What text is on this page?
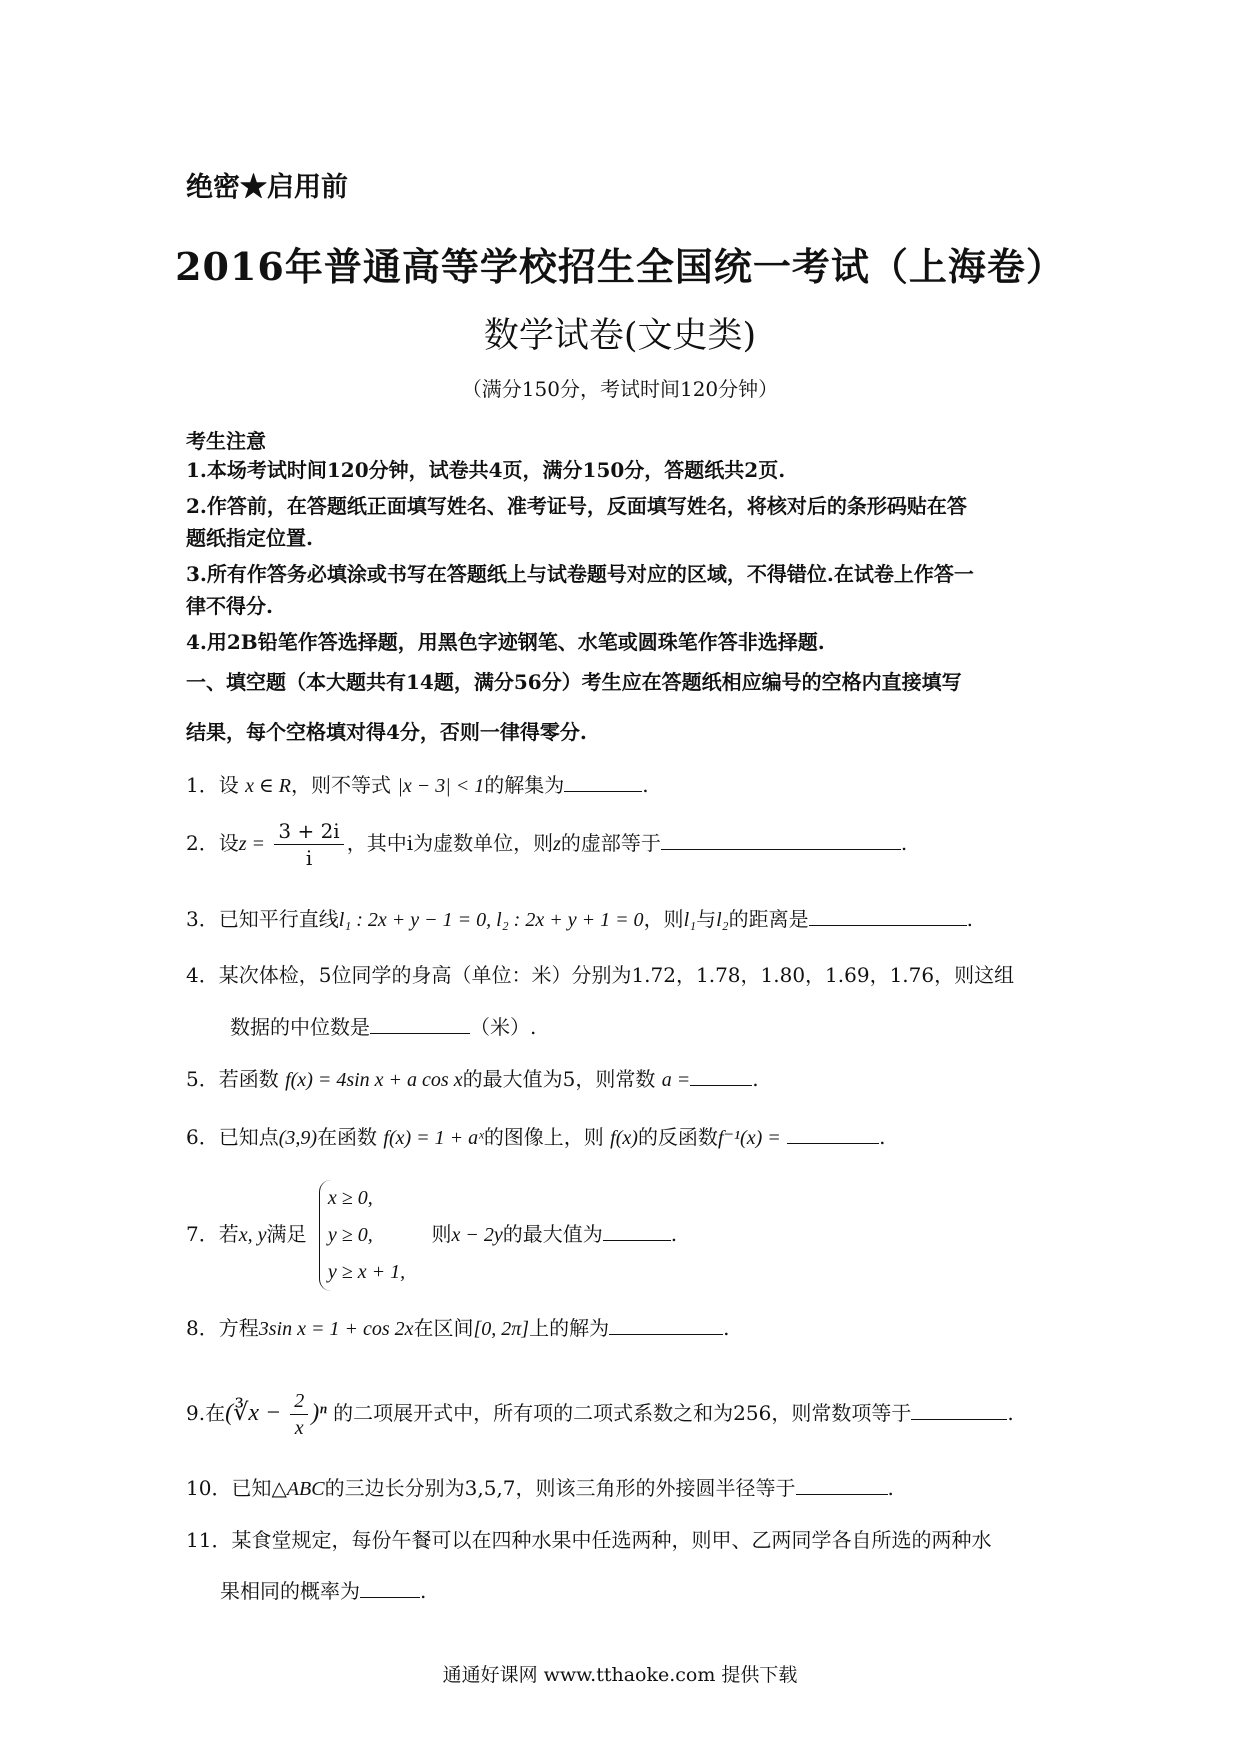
绝密★启用前
2016年普通高等学校招生全国统一考试（上海卷）
数学试卷(文史类)
（满分150分，考试时间120分钟）
考生注意
1.本场考试时间120分钟，试卷共4页，满分150分，答题纸共2页.
2.作答前，在答题纸正面填写姓名、准考证号，反面填写姓名，将核对后的条形码贴在答
题纸指定位置.
3.所有作答务必填涂或书写在答题纸上与试卷题号对应的区域，不得错位.在试卷上作答一
律不得分.
4.用2B铅笔作答选择题，用黑色字迹钢笔、水笔或圆珠笔作答非选择题.
一、填空题（本大题共有14题，满分56分）考生应在答题纸相应编号的空格内直接填写
结果，每个空格填对得4分，否则一律得零分.
1．设 x ∈ R，则不等式 |x − 3| < 1的解集为	.
2．设$z = \frac{3 + 2i}{i}$ ，其中i为虚数单位，则z的虚部等于	.
3．已知平行直线l₁ : 2x + y − 1 = 0, l₂ : 2x + y + 1 = 0，则l₁与l₂的距离是	.
4．某次体检，5位同学的身高（单位：米）分别为1.72，1.78，1.80，1.69，1.76，则这组
数据的中位数是	（米）.
5．若函数 f(x) = 4sin x + a cos x的最大值为5，则常数 a =	.
6．已知点(3,9)在函数 f(x) = 1 + aˣ的图像上，则 f(x)的反函数f⁻¹(x) =	.
7．若x, y满足
x ≥ 0,
y ≥ 0,
y ≥ x + 1,
则x − 2y的最大值为	.
8．方程3sin x = 1 + cos 2x在区间[0, 2π]上的解为	.
9.在(∛x − $\frac{2}{x} )^n$ 的二项展开式中，所有项的二项式系数之和为256，则常数项等于	.
10．已知△ABC的三边长分别为3,5,7，则该三角形的外接圆半径等于	.
11．某食堂规定，每份午餐可以在四种水果中任选两种，则甲、乙两同学各自所选的两种水
果相同的概率为	.
通通好课网 www.tthaoke.com 提供下载
